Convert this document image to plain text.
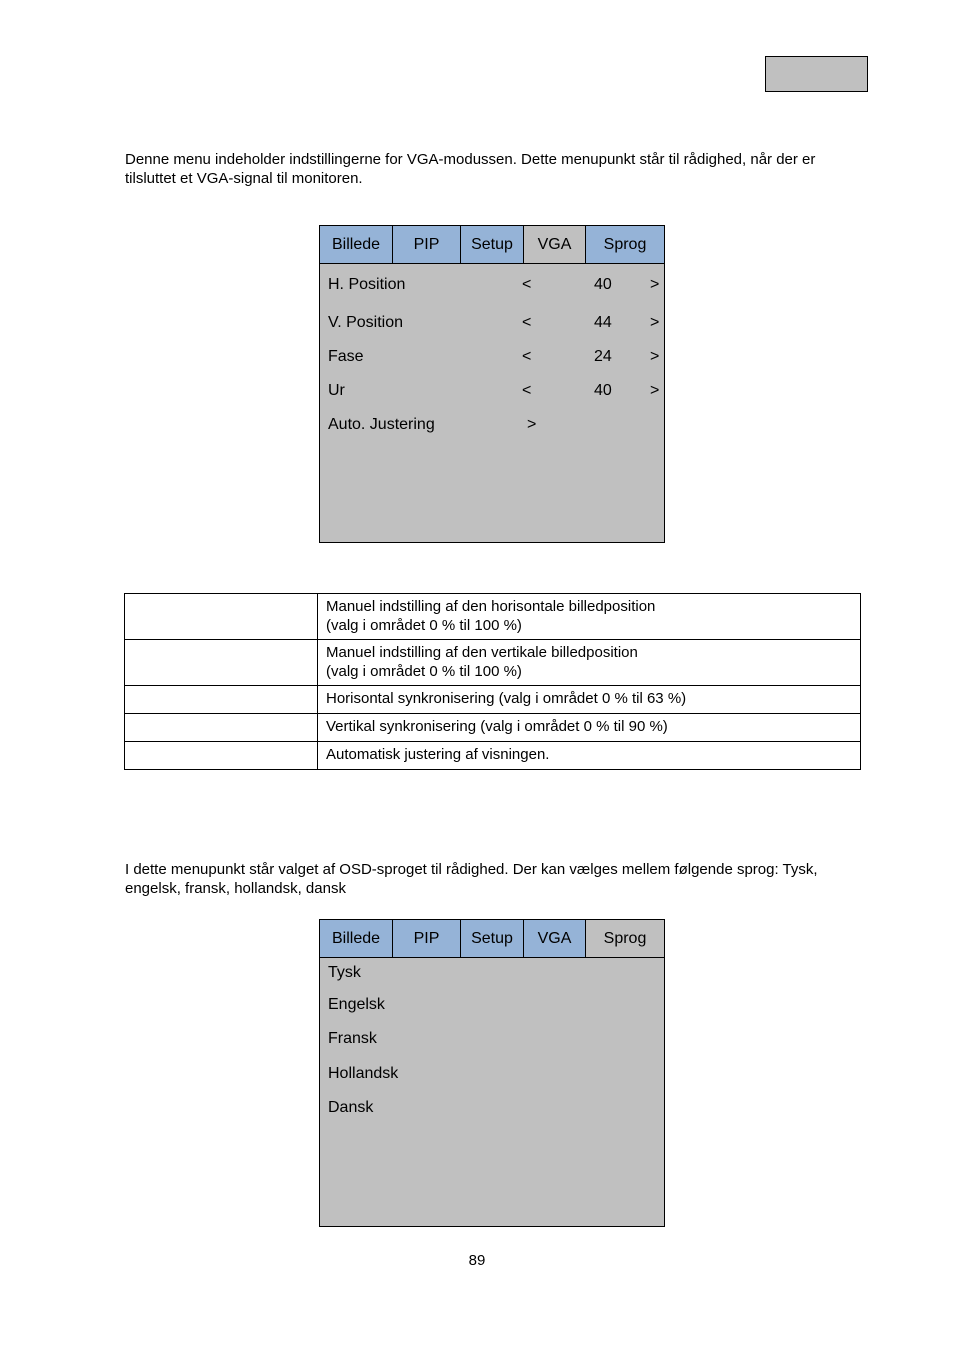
Denne menu indeholder indstillingerne for VGA-modussen. Dette menupunkt står til rådighed, når der er tilsluttet et VGA-signal til monitoren.

Billede	PIP	Setup	VGA	Sprog
H. Position	<	40	>
V. Position	<	44	>
Fase	<	24	>
Ur	<	40	>
Auto. Justering	>
	Manuel indstilling af den horisontale billedposition
(valg i området 0 % til 100 %)
	Manuel indstilling af den vertikale billedposition
(valg i området 0 % til 100 %)
	Horisontal synkronisering (valg i området 0 % til 63 %)
	Vertikal synkronisering (valg i området 0 % til 90 %)
	Automatisk justering af visningen.

I dette menupunkt står valget af OSD-sproget til rådighed. Der kan vælges mellem følgende sprog: Tysk, engelsk, fransk, hollandsk, dansk

Billede	PIP	Setup	VGA	Sprog
Tysk
Engelsk
Fransk
Hollandsk
Dansk
89
